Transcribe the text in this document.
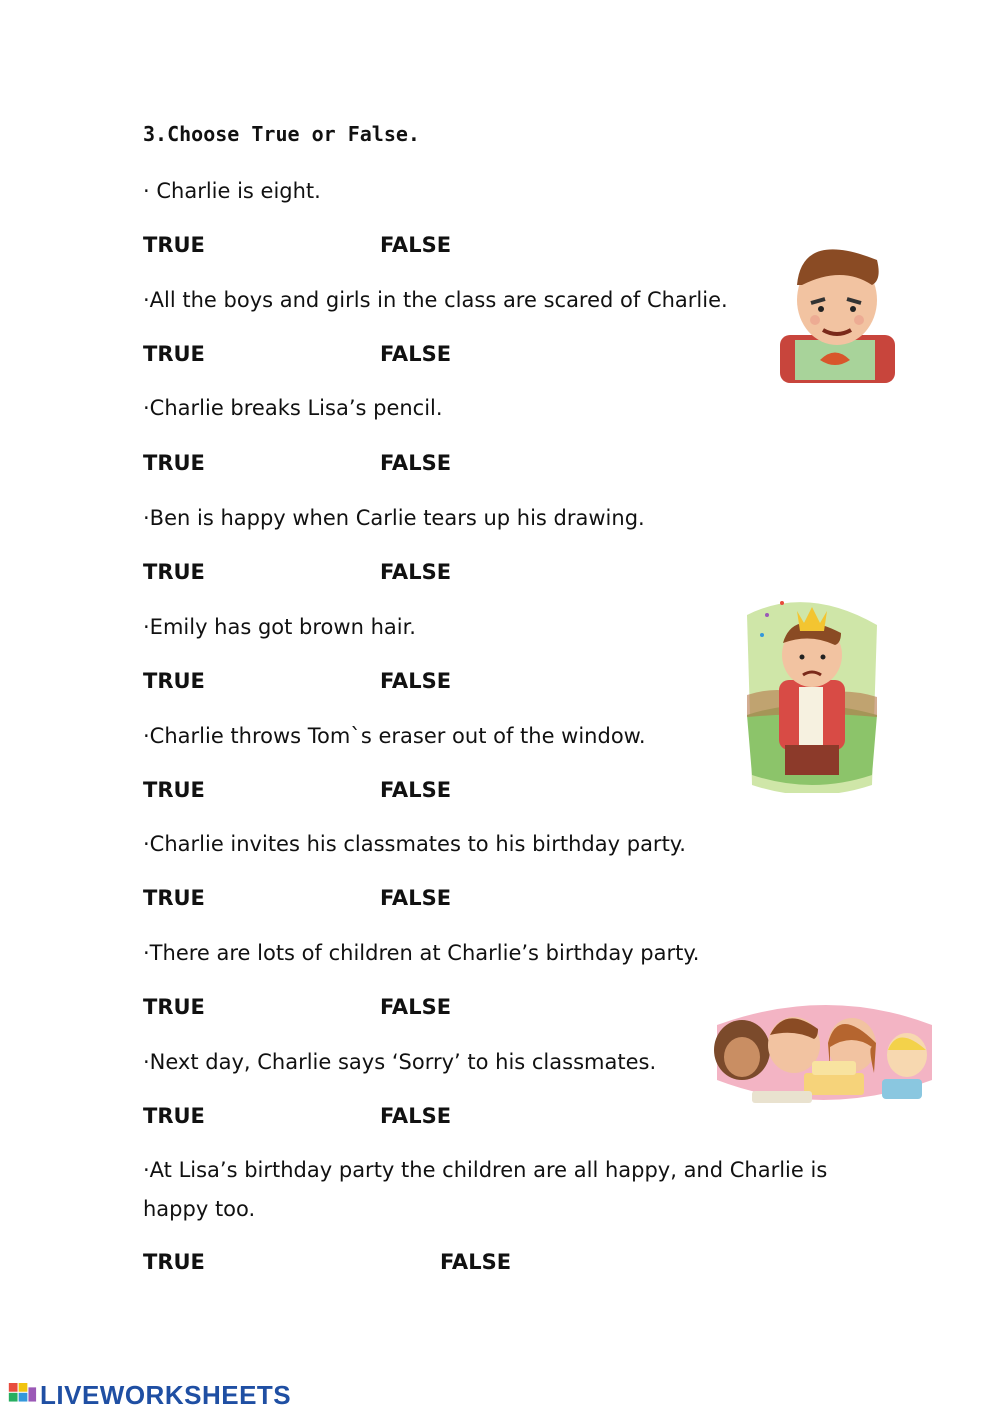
3.Choose True or False.
· Charlie is eight.
TRUE	FALSE
·All the boys and girls in the class are scared of Charlie.
TRUE	FALSE
·Charlie breaks Lisa’s pencil.
TRUE	FALSE
·Ben is happy when Carlie tears up his drawing.
TRUE	FALSE
·Emily has got brown hair.
TRUE	FALSE
·Charlie throws Tom`s eraser out of the window.
TRUE	FALSE
·Charlie invites his classmates to his birthday party.
TRUE	FALSE
·There are lots of children at Charlie’s birthday party.
TRUE	FALSE
·Next day, Charlie says ‘Sorry’ to his classmates.
TRUE	FALSE
·At Lisa’s birthday party the children are all happy, and Charlie is happy too.
TRUE	FALSE
LIVEWORKSHEETS
